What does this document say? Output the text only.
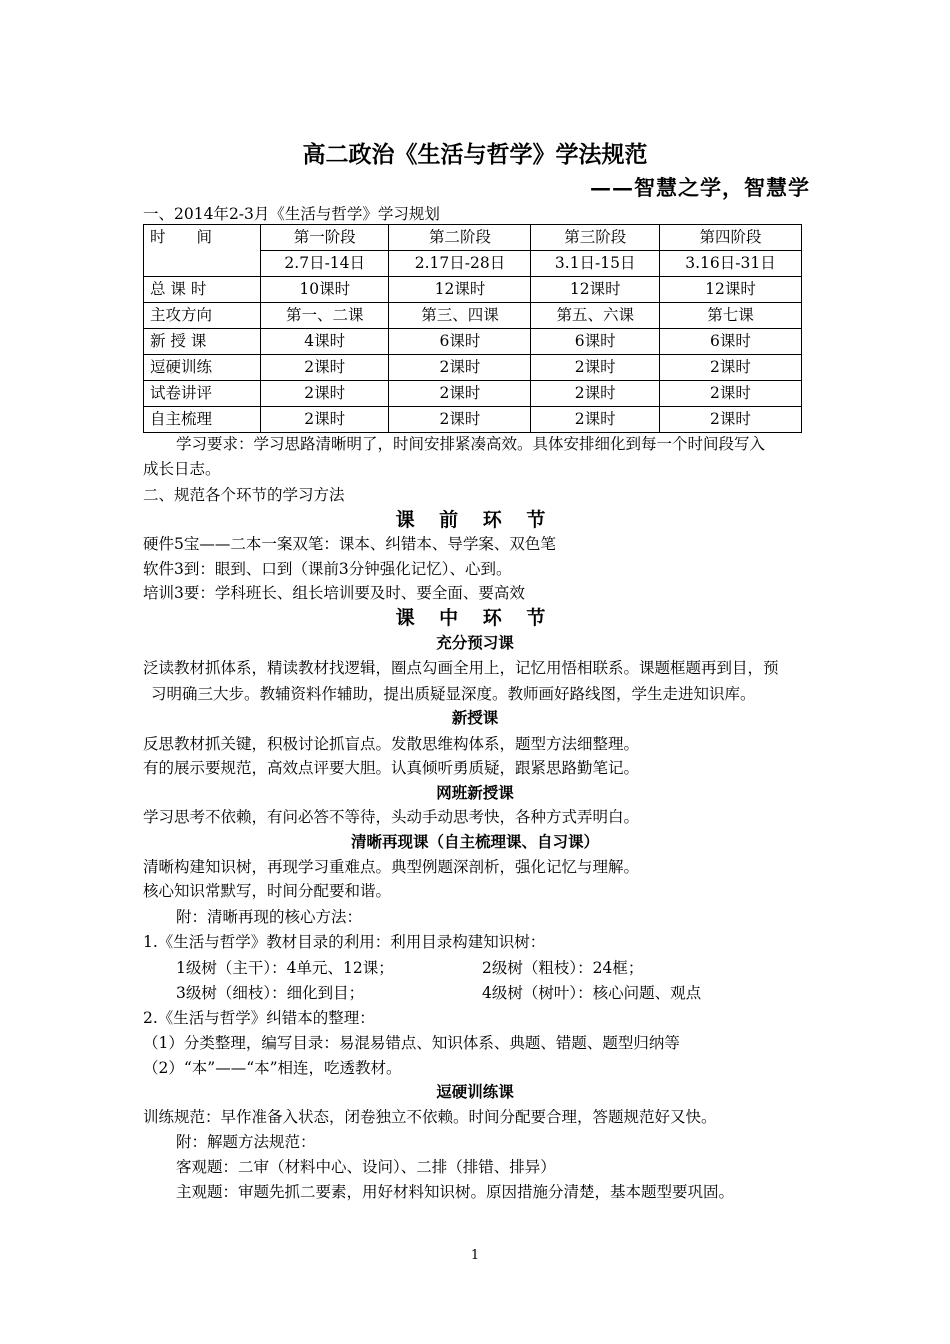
高二政治《生活与哲学》学法规范
——智慧之学，智慧学
一、2014年2-3月《生活与哲学》学习规划
时　　间	第一阶段	第二阶段	第三阶段	第四阶段
	2.7日-14日	2.17日-28日	3.1日-15日	3.16日-31日
总 课 时	10课时	12课时	12课时	12课时
主攻方向	第一、二课	第三、四课	第五、六课	第七课
新 授 课	4课时	6课时	6课时	6课时
逗硬训练	2课时	2课时	2课时	2课时
试卷讲评	2课时	2课时	2课时	2课时
自主梳理	2课时	2课时	2课时	2课时
学习要求：学习思路清晰明了，时间安排紧凑高效。具体安排细化到每一个时间段写入
成长日志。
二、规范各个环节的学习方法
课 前 环 节
硬件5宝——二本一案双笔：课本、纠错本、导学案、双色笔
软件3到：眼到、口到（课前3分钟强化记忆）、心到。
培训3要：学科班长、组长培训要及时、要全面、要高效
课 中 环 节
充分预习课
泛读教材抓体系，精读教材找逻辑，圈点勾画全用上，记忆用悟相联系。课题框题再到目，预
习明确三大步。教辅资料作辅助，提出质疑显深度。教师画好路线图，学生走进知识库。
新授课
反思教材抓关键，积极讨论抓盲点。发散思维构体系，题型方法细整理。
有的展示要规范，高效点评要大胆。认真倾听勇质疑，跟紧思路勤笔记。
网班新授课
学习思考不依赖，有问必答不等待，头动手动思考快，各种方式弄明白。
清晰再现课（自主梳理课、自习课）
清晰构建知识树，再现学习重难点。典型例题深剖析，强化记忆与理解。
核心知识常默写，时间分配要和谐。
附：清晰再现的核心方法：
1.《生活与哲学》教材目录的利用：利用目录构建知识树：
1级树（主干）：4单元、12课；	2级树（粗枝）：24框；
3级树（细枝）：细化到目；	4级树（树叶）：核心问题、观点
2.《生活与哲学》纠错本的整理：
（1）分类整理，编写目录：易混易错点、知识体系、典题、错题、题型归纳等
（2）“本”——“本”相连，吃透教材。
逗硬训练课
训练规范：早作准备入状态，闭卷独立不依赖。时间分配要合理，答题规范好又快。
附：解题方法规范：
客观题：二审（材料中心、设问）、二排（排错、排异）
主观题：审题先抓二要素，用好材料知识树。原因措施分清楚，基本题型要巩固。
1
